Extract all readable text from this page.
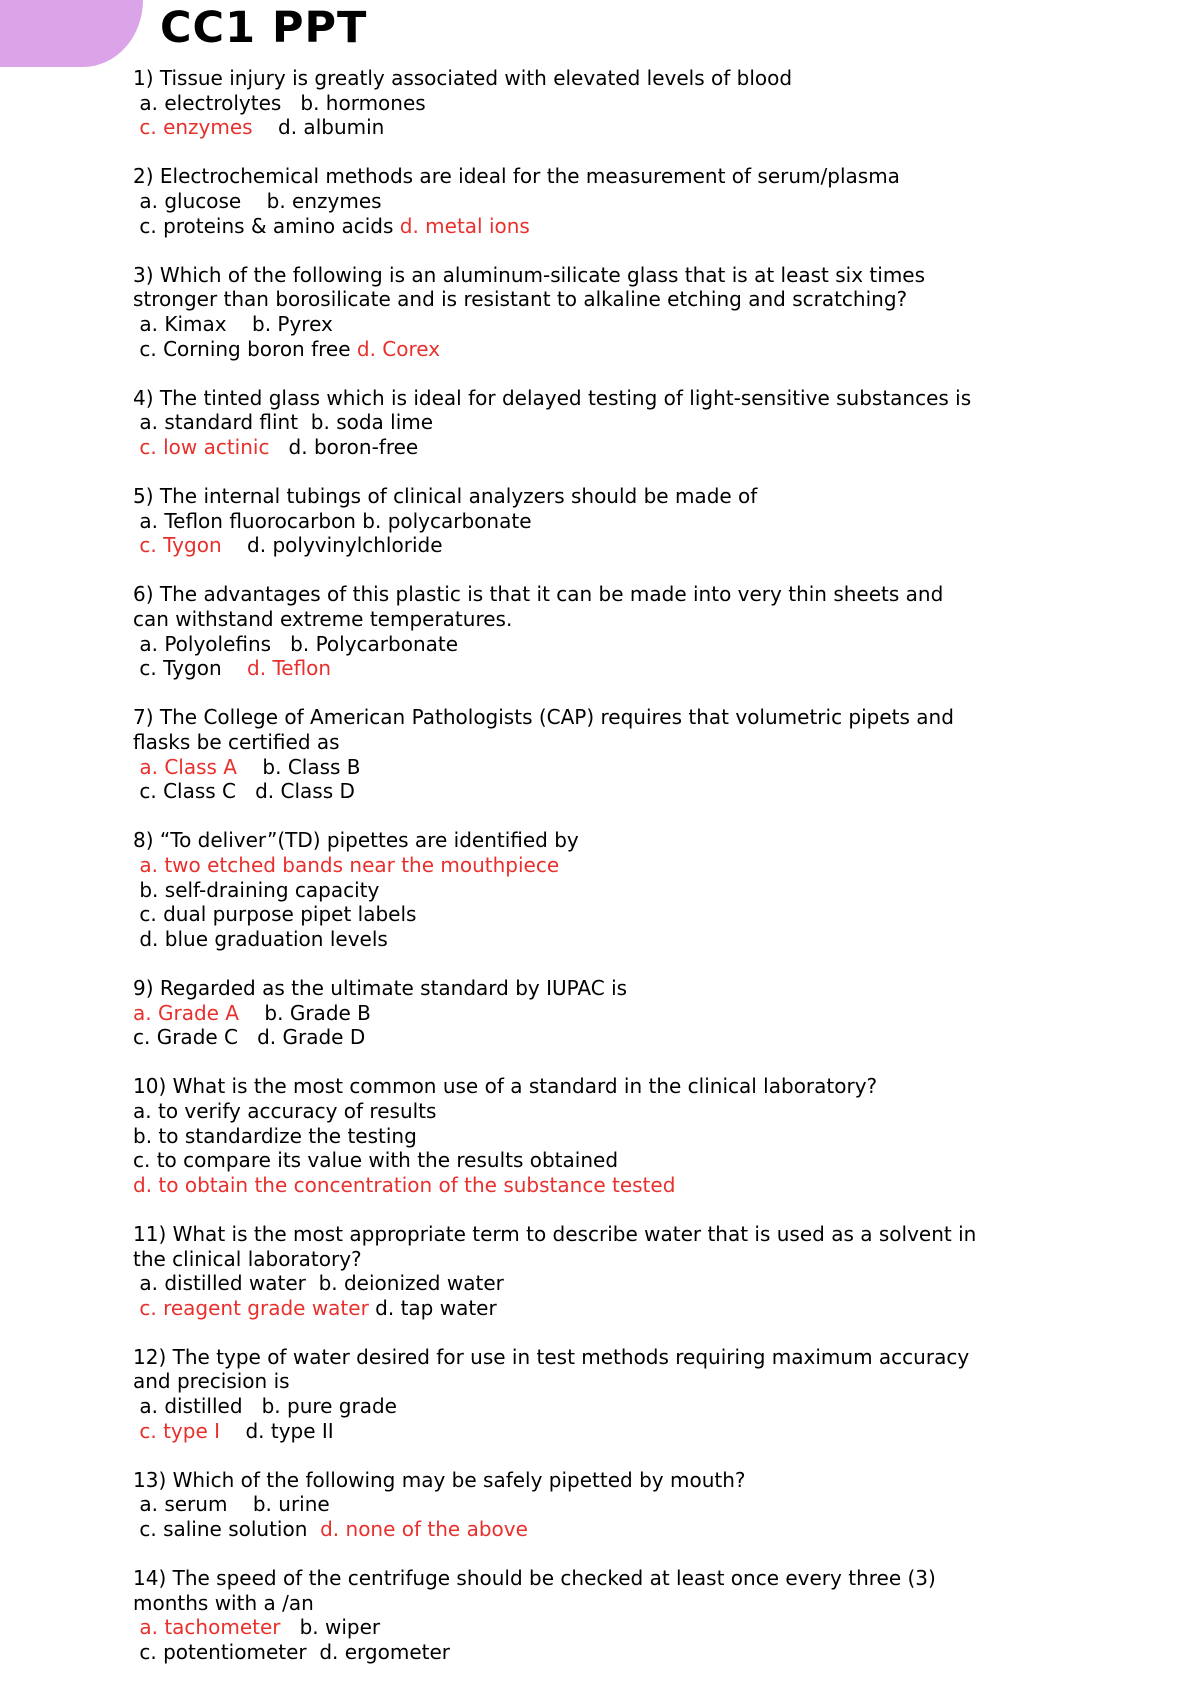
CC1 PPT
1) Tissue injury is greatly associated with elevated levels of blood
a. electrolytes   b. hormones
c. enzymes    d. albumin
2) Electrochemical methods are ideal for the measurement of serum/plasma
a. glucose    b. enzymes
c. proteins & amino acids d. metal ions
3) Which of the following is an aluminum-silicate glass that is at least six times
stronger than borosilicate and is resistant to alkaline etching and scratching?
a. Kimax    b. Pyrex
c. Corning boron free d. Corex
4) The tinted glass which is ideal for delayed testing of light-sensitive substances is
a. standard flint  b. soda lime
c. low actinic   d. boron-free
5) The internal tubings of clinical analyzers should be made of
a. Teflon fluorocarbon b. polycarbonate
c. Tygon    d. polyvinylchloride
6) The advantages of this plastic is that it can be made into very thin sheets and
can withstand extreme temperatures.
a. Polyolefins   b. Polycarbonate
c. Tygon    d. Teflon
7) The College of American Pathologists (CAP) requires that volumetric pipets and
flasks be certified as
a. Class A    b. Class B
c. Class C   d. Class D
8) “To deliver”(TD) pipettes are identified by
a. two etched bands near the mouthpiece
b. self-draining capacity
c. dual purpose pipet labels
d. blue graduation levels
9) Regarded as the ultimate standard by IUPAC is
a. Grade A    b. Grade B
c. Grade C   d. Grade D
10) What is the most common use of a standard in the clinical laboratory?
a. to verify accuracy of results
b. to standardize the testing
c. to compare its value with the results obtained
d. to obtain the concentration of the substance tested
11) What is the most appropriate term to describe water that is used as a solvent in
the clinical laboratory?
a. distilled water  b. deionized water
c. reagent grade water d. tap water
12) The type of water desired for use in test methods requiring maximum accuracy
and precision is
a. distilled   b. pure grade
c. type I    d. type II
13) Which of the following may be safely pipetted by mouth?
a. serum    b. urine
c. saline solution  d. none of the above
14) The speed of the centrifuge should be checked at least once every three (3)
months with a /an
a. tachometer   b. wiper
c. potentiometer  d. ergometer
